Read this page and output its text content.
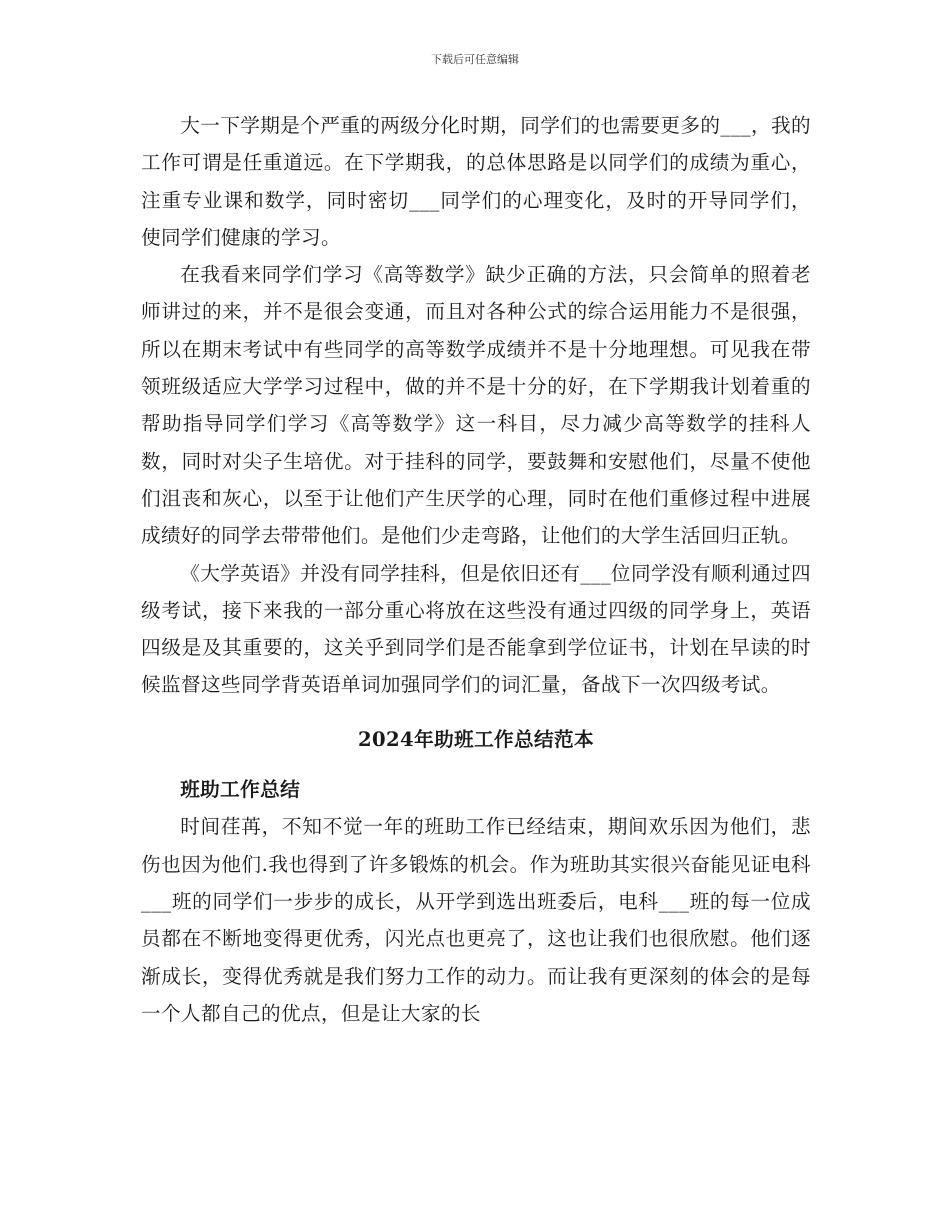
下载后可任意编辑

大一下学期是个严重的两级分化时期，同学们的也需要更多的___，我的工作可谓是任重道远。在下学期我，的总体思路是以同学们的成绩为重心，注重专业课和数学，同时密切___同学们的心理变化，及时的开导同学们，使同学们健康的学习。

在我看来同学们学习《高等数学》缺少正确的方法，只会简单的照着老师讲过的来，并不是很会变通，而且对各种公式的综合运用能力不是很强，所以在期末考试中有些同学的高等数学成绩并不是十分地理想。可见我在带领班级适应大学学习过程中，做的并不是十分的好，在下学期我计划着重的帮助指导同学们学习《高等数学》这一科目，尽力减少高等数学的挂科人数，同时对尖子生培优。对于挂科的同学，要鼓舞和安慰他们，尽量不使他们沮丧和灰心，以至于让他们产生厌学的心理，同时在他们重修过程中进展成绩好的同学去带带他们。是他们少走弯路，让他们的大学生活回归正轨。

《大学英语》并没有同学挂科，但是依旧还有___位同学没有顺利通过四级考试，接下来我的一部分重心将放在这些没有通过四级的同学身上，英语四级是及其重要的，这关乎到同学们是否能拿到学位证书，计划在早读的时候监督这些同学背英语单词加强同学们的词汇量，备战下一次四级考试。

2024年助班工作总结范本
班助工作总结

时间荏苒，不知不觉一年的班助工作已经结束，期间欢乐因为他们，悲伤也因为他们.我也得到了许多锻炼的机会。作为班助其实很兴奋能见证电科___班的同学们一步步的成长，从开学到选出班委后，电科___班的每一位成员都在不断地变得更优秀，闪光点也更亮了，这也让我们也很欣慰。他们逐渐成长，变得优秀就是我们努力工作的动力。而让我有更深刻的体会的是每一个人都自己的优点，但是让大家的长
